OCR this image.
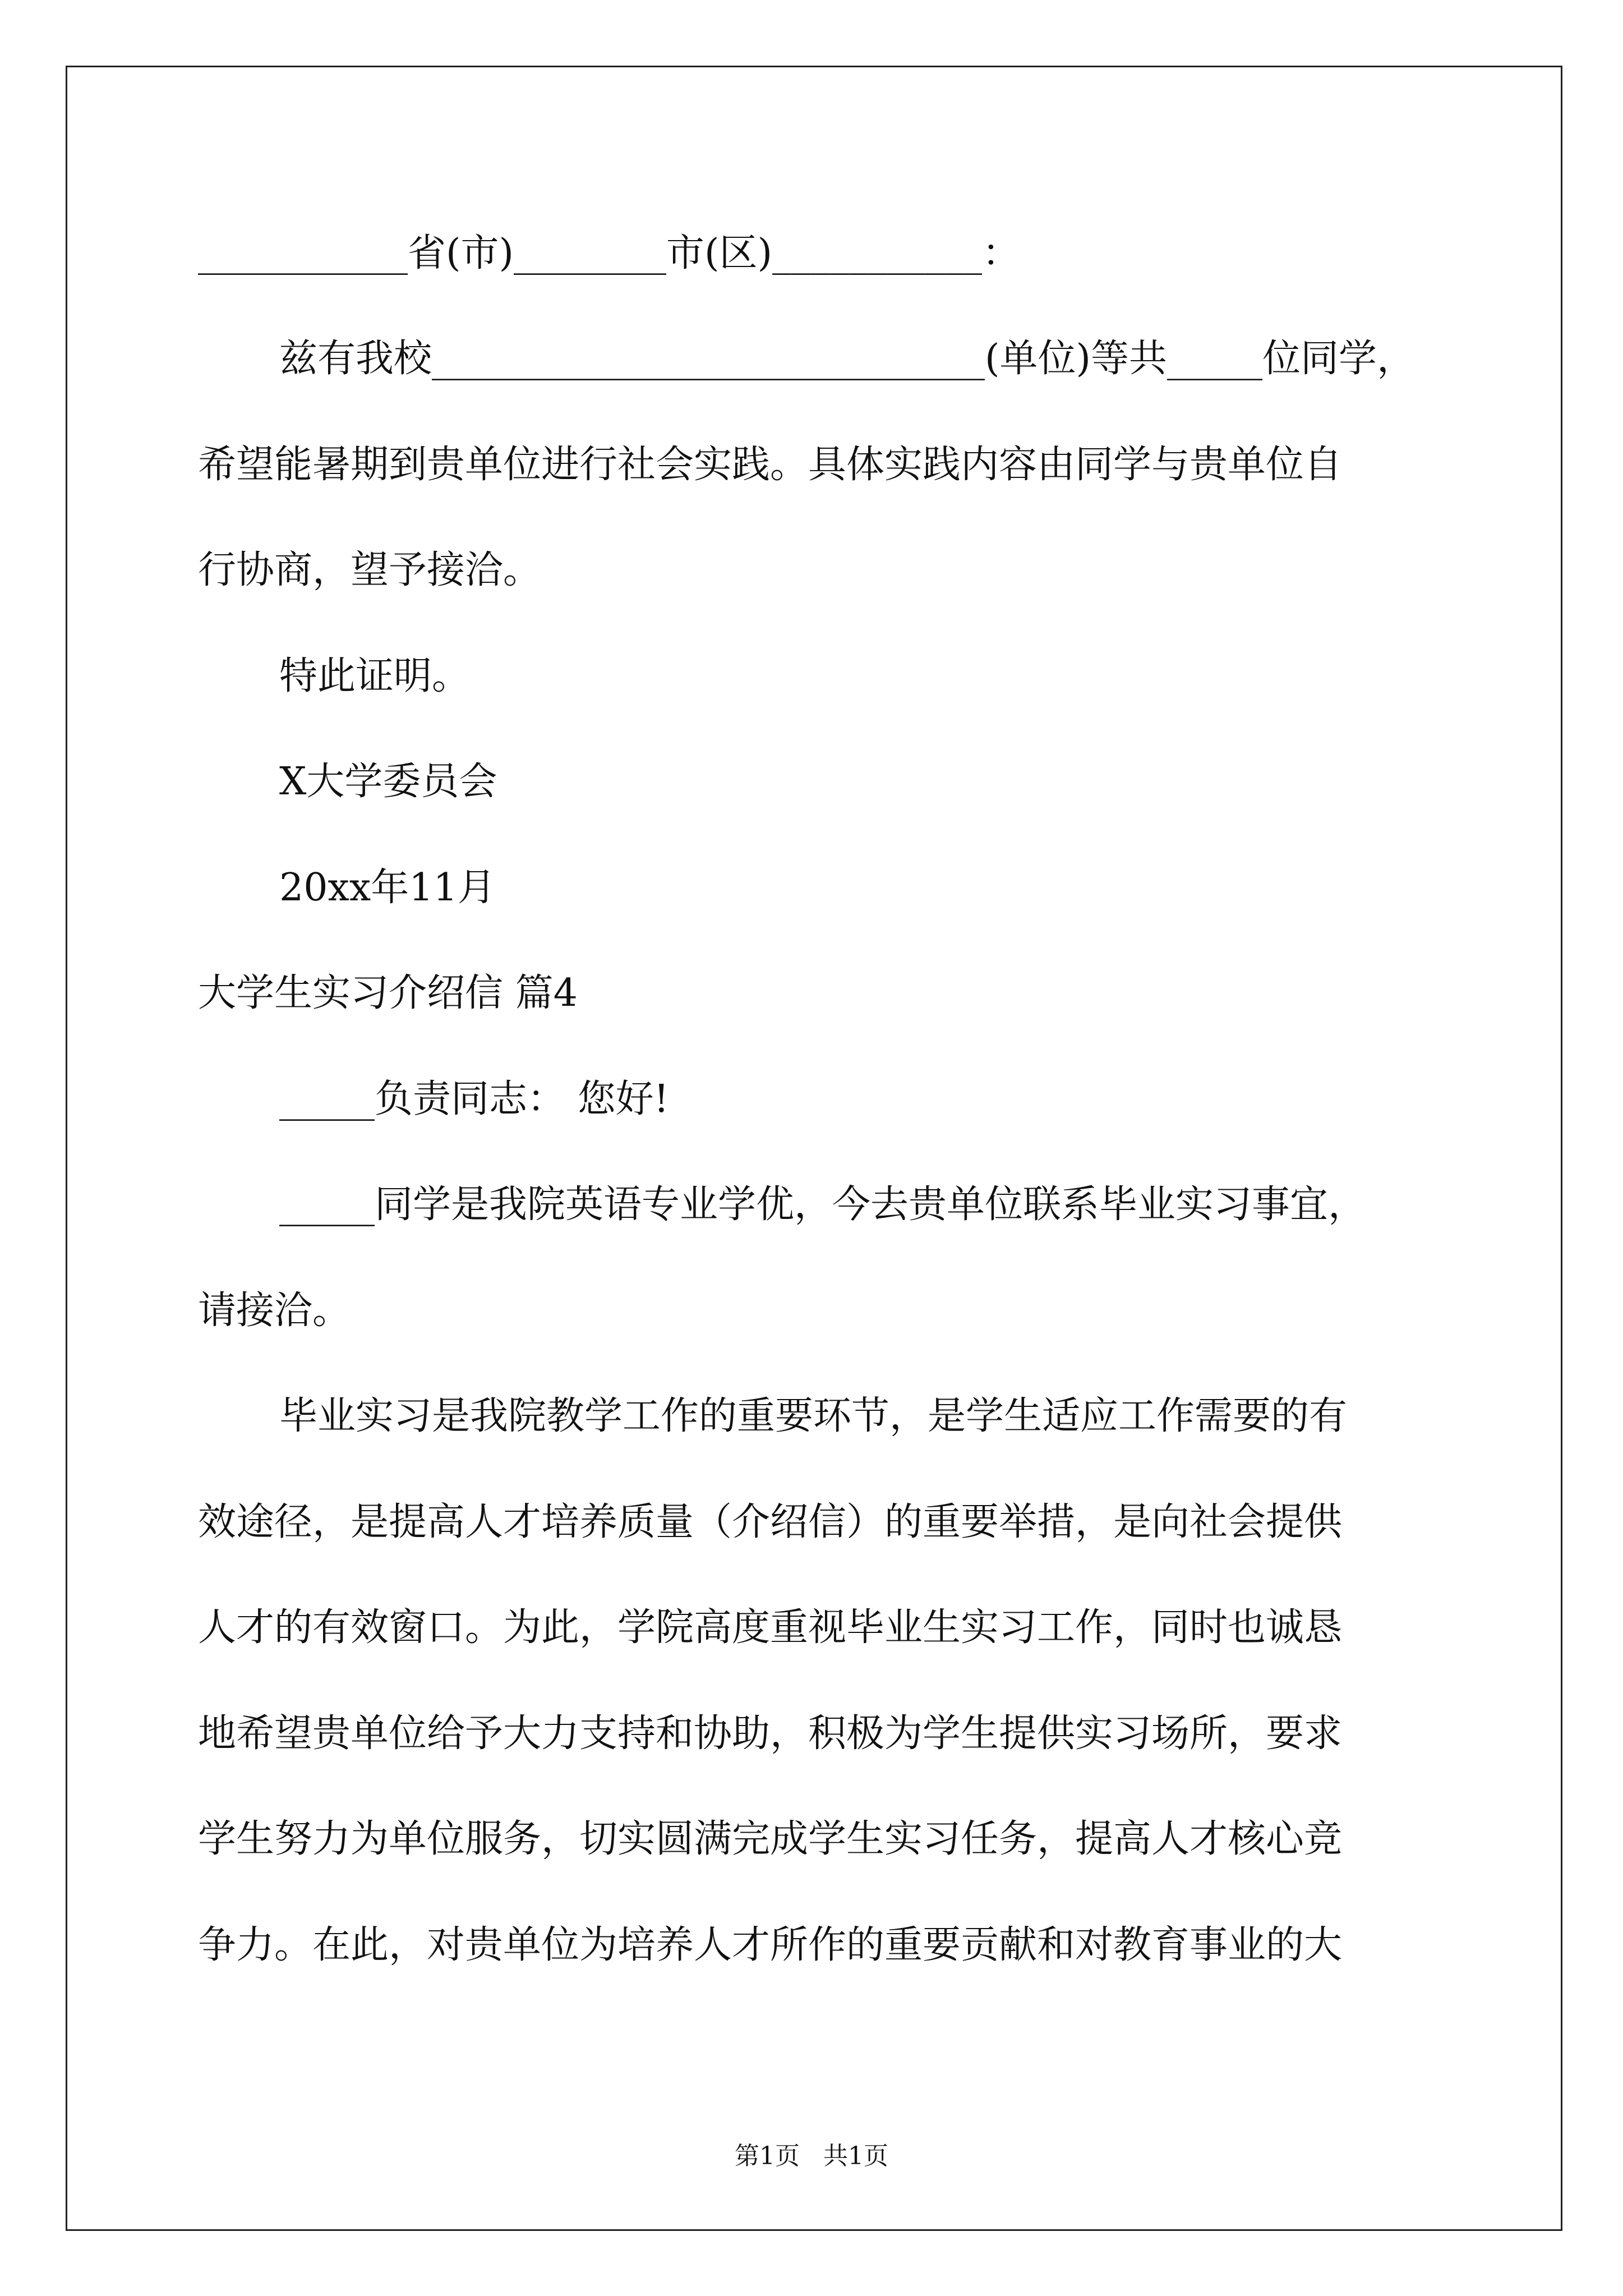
___________省(市)________市(区)___________：
兹有我校_____________________________(单位)等共_____位同学，
希望能暑期到贵单位进行社会实践。具体实践内容由同学与贵单位自
行协商，望予接洽。
特此证明。
X大学委员会
20xx年11月
大学生实习介绍信 篇4
_____负责同志： 您好!
_____同学是我院英语专业学优，今去贵单位联系毕业实习事宜，
请接洽。
毕业实习是我院教学工作的重要环节，是学生适应工作需要的有
效途径，是提高人才培养质量（介绍信）的重要举措，是向社会提供
人才的有效窗口。为此，学院高度重视毕业生实习工作，同时也诚恳
地希望贵单位给予大力支持和协助，积极为学生提供实习场所，要求
学生努力为单位服务，切实圆满完成学生实习任务，提高人才核心竞
争力。在此，对贵单位为培养人才所作的重要贡献和对教育事业的大
第1页   共1页
